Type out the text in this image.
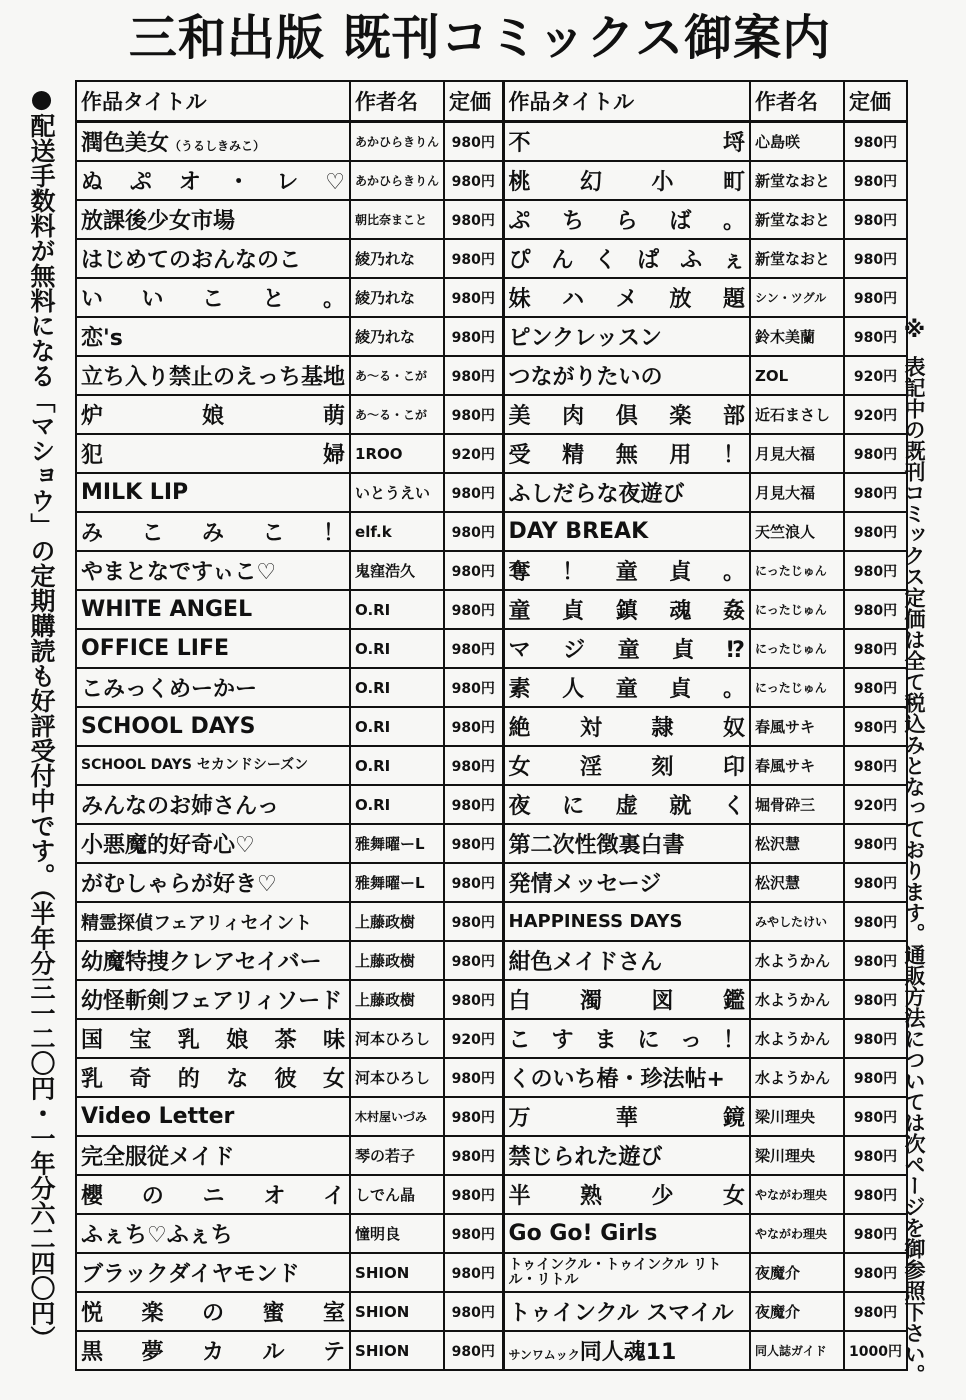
三和出版 既刊コミックス御案内
●配送手数料が無料になる「マショウ」の定期購読も好評受付中です。（半年分三一二〇円・一年分六二四〇円）	※
表記中の既刊コミックス定価は全て税込みとなっております。通販方法については次ページを御参照下さい。
作品タイトル	作者名	定価	作品タイトル	作者名	定価
潤色美女（うるしきみこ）	あかひらきりん	980円	不埒	心島咲	980円
ぬぷオ・レ♡	あかひらきりん	980円	桃幻小町	新堂なおと	980円
放課後少女市場	朝比奈まこと	980円	ぷちらば。	新堂なおと	980円
はじめてのおんなのこ	綾乃れな	980円	ぴんくぱふぇ	新堂なおと	980円
いいこと。	綾乃れな	980円	妹ハメ放題	シン・ツグル	980円
恋's	綾乃れな	980円	ピンクレッスン	鈴木美蘭	980円
立ち入り禁止のえっち基地	あ〜る・こが	980円	つながりたいの	ZOL	920円
炉娘萌	あ〜る・こが	980円	美肉倶楽部	近石まさし	920円
犯婦	1ROO	920円	受精無用！	月見大福	980円
MILK LIP	いとうえい	980円	ふしだらな夜遊び	月見大福	980円
みこみこ！	elf.k	980円	DAY BREAK	天竺浪人	980円
やまとなですぃこ♡	鬼窪浩久	980円	奪！童貞。	にったじゅん	980円
WHITE ANGEL	O.RI	980円	童貞鎮魂姦	にったじゅん	980円
OFFICE LIFE	O.RI	980円	マジ童貞⁉	にったじゅん	980円
こみっくめーかー	O.RI	980円	素人童貞。	にったじゅん	980円
SCHOOL DAYS	O.RI	980円	絶対隷奴	春風サキ	980円
SCHOOL DAYS セカンドシーズン	O.RI	980円	女淫刻印	春風サキ	980円
みんなのお姉さんっ	O.RI	980円	夜に虚就く	堀骨砕三	920円
小悪魔的好奇心♡	雅舞曜ーL	980円	第二次性徴裏白書	松沢慧	980円
がむしゃらが好き♡	雅舞曜ーL	980円	発情メッセージ	松沢慧	980円
精霊探偵フェアリィセイント	上藤政樹	980円	HAPPINESS DAYS	みやしたけい	980円
幼魔特捜クレアセイバー	上藤政樹	980円	紺色メイドさん	水ようかん	980円
幼怪斬剣フェアリィソード	上藤政樹	980円	白濁図鑑	水ようかん	980円
国宝乳娘茶味	河本ひろし	920円	こすまにっ！	水ようかん	980円
乳奇的な彼女	河本ひろし	980円	くのいち椿・珍法帖+	水ようかん	980円
Video Letter	木村屋いづみ	980円	万華鏡	梁川理央	980円
完全服従メイド	琴の若子	980円	禁じられた遊び	梁川理央	980円
櫻のニオイ	しでん晶	980円	半熟少女	やながわ理央	980円
ふぇち♡ふぇち	憧明良	980円	Go Go! Girls	やながわ理央	980円
ブラックダイヤモンド	SHION	980円	トゥインクル・トゥインクル リトル・リトル	夜魔介	980円
悦楽の蜜室	SHION	980円	トゥインクル スマイル	夜魔介	980円
黒夢カルテ	SHION	980円	サンワムック同人魂11	同人誌ガイド	1000円
